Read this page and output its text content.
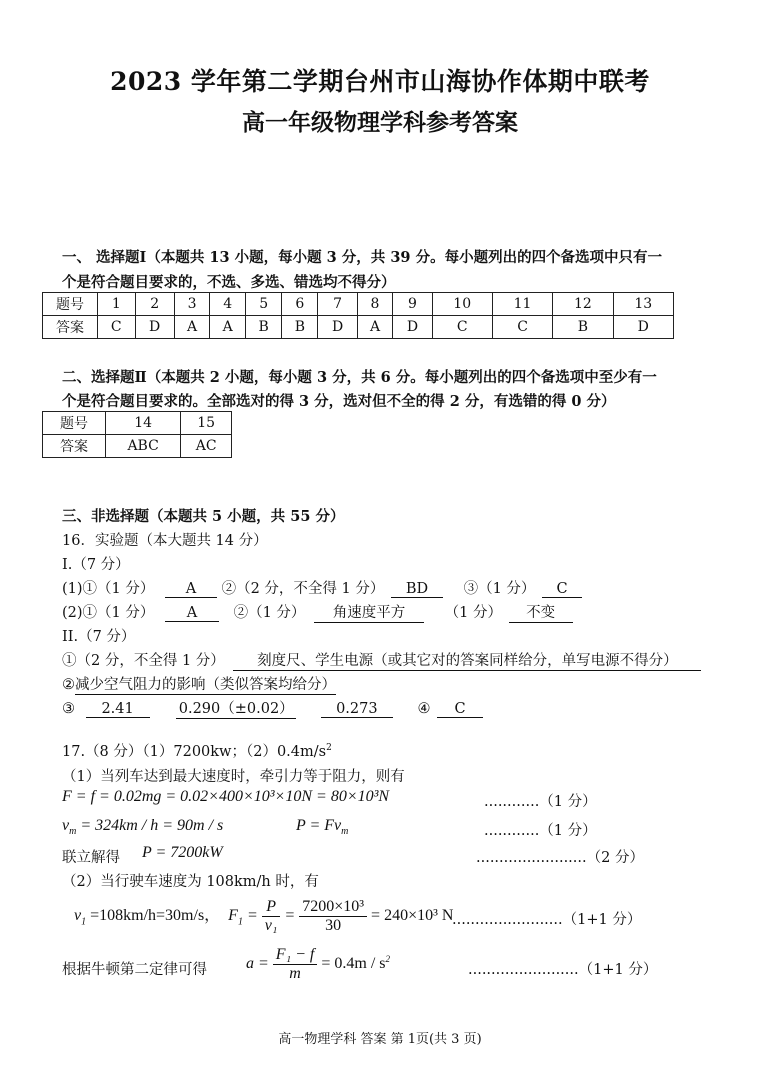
2023 学年第二学期台州市山海协作体期中联考
高一年级物理学科参考答案
一、 选择题Ⅰ（本题共 13 小题，每小题 3 分，共 39 分。每小题列出的四个备选项中只有一
个是符合题目要求的，不选、多选、错选均不得分）
题号	1	2	3	4	5	6	7	8	9	10	11	12	13
答案	C	D	A	A	B	B	D	A	D	C	C	B	D
二、选择题Ⅱ（本题共 2 小题，每小题 3 分，共 6 分。每小题列出的四个备选项中至少有一
个是符合题目要求的。全部选对的得 3 分，选对但不全的得 2 分，有选错的得 0 分）
题号	14	15
答案	ABC	AC
三、非选择题（本题共 5 小题，共 55 分）
16．实验题（本大题共 14 分）
I.（7 分）
(1)①（1 分） A ②（2 分，不全得 1 分） BD ③（1 分） C
(2)①（1 分） A	②（1 分） 角速度平方	（1 分） 不变
II.（7 分）
①（2 分，不全得 1 分） 刻度尺、学生电源（或其它对的答案同样给分，单写电源不得分）
②减少空气阻力的影响（类似答案均给分）
③ 2.41	0.290（±0.02）	0.273	④ C
17.（8 分）（1）7200kw；$(2)0.4m/s^2$
（1）当列车达到最大速度时，牵引力等于阻力，则有
F = f = 0.02mg = 0.02×400×10³×10N = 80×10³N	............（1 分）
$v_m = 324km / h = 90m / s$	$P = Fv_m$	............（1 分）
联立解得 P = 7200kW	........................（2 分）
（2）当行驶车速度为 108km/h 时，有
$v_1 =108km/h=30m/s$， $F_1 = \frac{P}{\text{v₁}} = \frac{\text{7200×10³}}{30} = 240\times 10^3$ N
........................（1+1 分）
根据牛顿第二定律可得 $a = \frac{\text{F₁ − f}}{m} = 0.4m / s^2$
........................（1+1 分）
高一物理学科 答案 第 1页(共 3 页)
